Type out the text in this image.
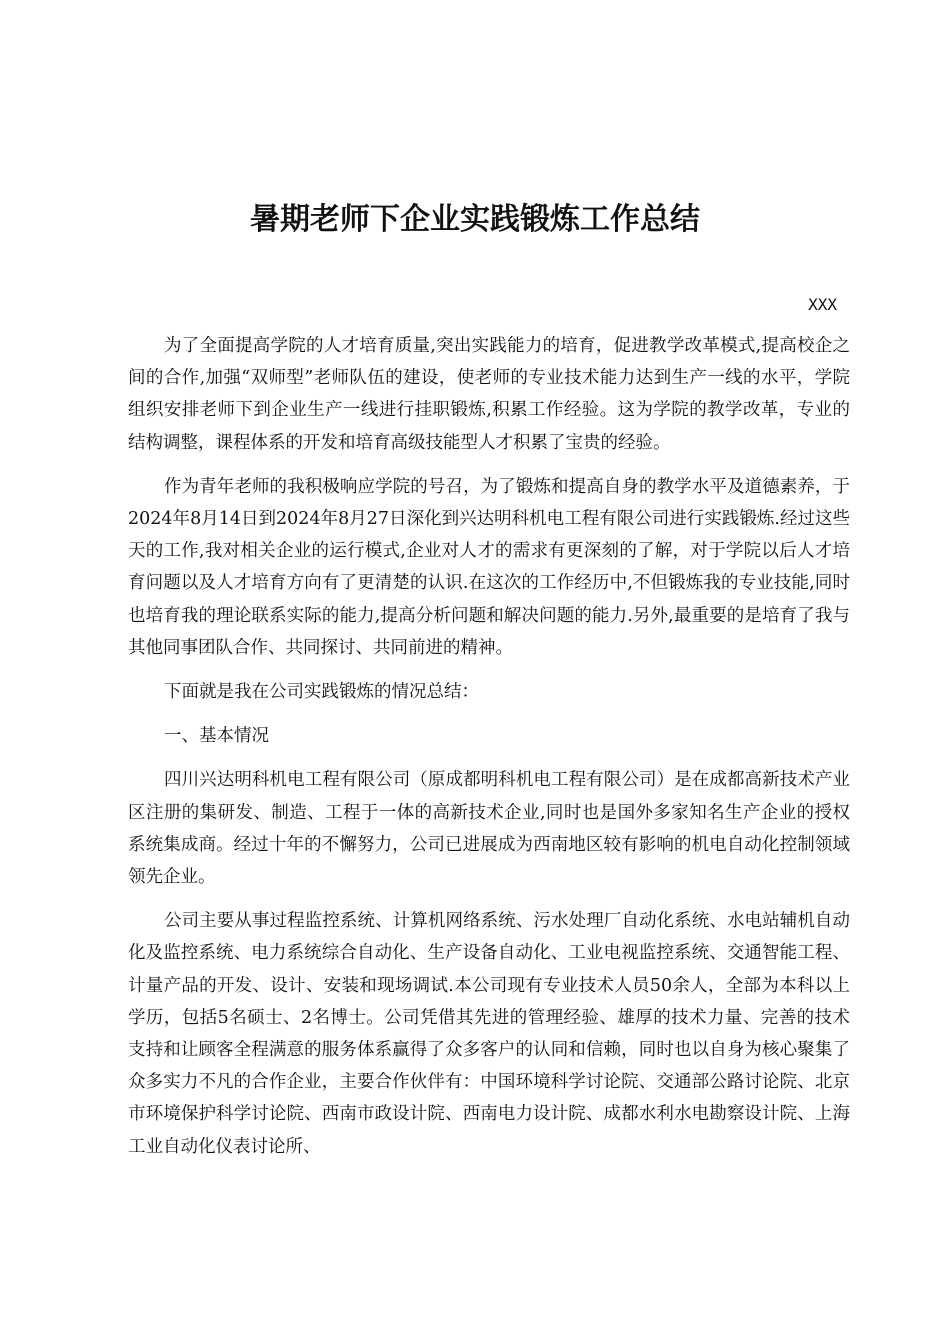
暑期老师下企业实践锻炼工作总结
XXX

为了全面提高学院的人才培育质量,突出实践能力的培育，促进教学改革模式,提高校企之间的合作,加强“双师型”老师队伍的建设，使老师的专业技术能力达到生产一线的水平，学院组织安排老师下到企业生产一线进行挂职锻炼,积累工作经验。这为学院的教学改革，专业的结构调整，课程体系的开发和培育高级技能型人才积累了宝贵的经验。

作为青年老师的我积极响应学院的号召，为了锻炼和提高自身的教学水平及道德素养，于2024年8月14日到2024年8月27日深化到兴达明科机电工程有限公司进行实践锻炼.经过这些天的工作,我对相关企业的运行模式,企业对人才的需求有更深刻的了解，对于学院以后人才培育问题以及人才培育方向有了更清楚的认识.在这次的工作经历中,不但锻炼我的专业技能,同时也培育我的理论联系实际的能力,提高分析问题和解决问题的能力.另外,最重要的是培育了我与其他同事团队合作、共同探讨、共同前进的精神。

下面就是我在公司实践锻炼的情况总结：

一、基本情况

四川兴达明科机电工程有限公司（原成都明科机电工程有限公司）是在成都高新技术产业区注册的集研发、制造、工程于一体的高新技术企业,同时也是国外多家知名生产企业的授权系统集成商。经过十年的不懈努力，公司已进展成为西南地区较有影响的机电自动化控制领域领先企业。

公司主要从事过程监控系统、计算机网络系统、污水处理厂自动化系统、水电站辅机自动化及监控系统、电力系统综合自动化、生产设备自动化、工业电视监控系统、交通智能工程、计量产品的开发、设计、安装和现场调试.本公司现有专业技术人员50余人，全部为本科以上学历，包括5名硕士、2名博士。公司凭借其先进的管理经验、雄厚的技术力量、完善的技术支持和让顾客全程满意的服务体系赢得了众多客户的认同和信赖，同时也以自身为核心聚集了众多实力不凡的合作企业，主要合作伙伴有：中国环境科学讨论院、交通部公路讨论院、北京市环境保护科学讨论院、西南市政设计院、西南电力设计院、成都水利水电勘察设计院、上海工业自动化仪表讨论所、
